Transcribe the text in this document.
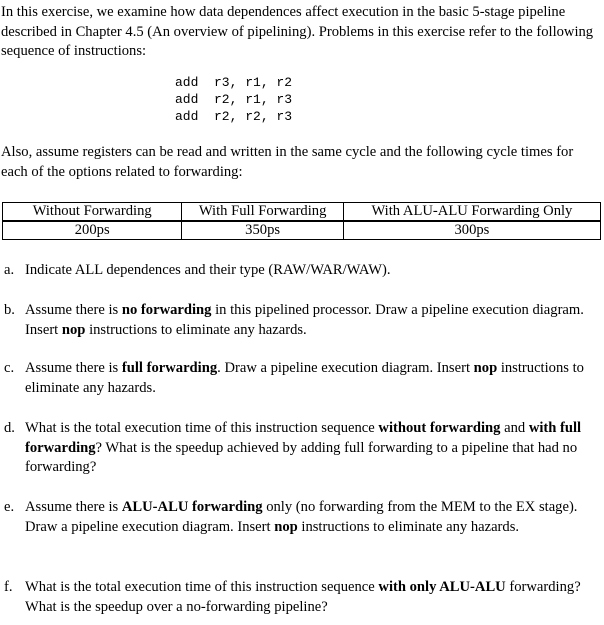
In this exercise, we examine how data dependences affect execution in the basic 5-stage pipeline described in Chapter 4.5 (An overview of pipelining). Problems in this exercise refer to the following sequence of instructions:
add  r3, r1, r2
add  r2, r1, r3
add  r2, r2, r3
Also, assume registers can be read and written in the same cycle and the following cycle times for each of the options related to forwarding:
Without Forwarding	With Full Forwarding	With ALU-ALU Forwarding Only
200ps	350ps	300ps
a. Indicate ALL dependences and their type (RAW/WAR/WAW).
b. Assume there is no forwarding in this pipelined processor. Draw a pipeline execution diagram. Insert nop instructions to eliminate any hazards.
c. Assume there is full forwarding. Draw a pipeline execution diagram. Insert nop instructions to eliminate any hazards.
d. What is the total execution time of this instruction sequence without forwarding and with full forwarding? What is the speedup achieved by adding full forwarding to a pipeline that had no forwarding?
e. Assume there is ALU-ALU forwarding only (no forwarding from the MEM to the EX stage). Draw a pipeline execution diagram. Insert nop instructions to eliminate any hazards.
f. What is the total execution time of this instruction sequence with only ALU-ALU forwarding? What is the speedup over a no-forwarding pipeline?
